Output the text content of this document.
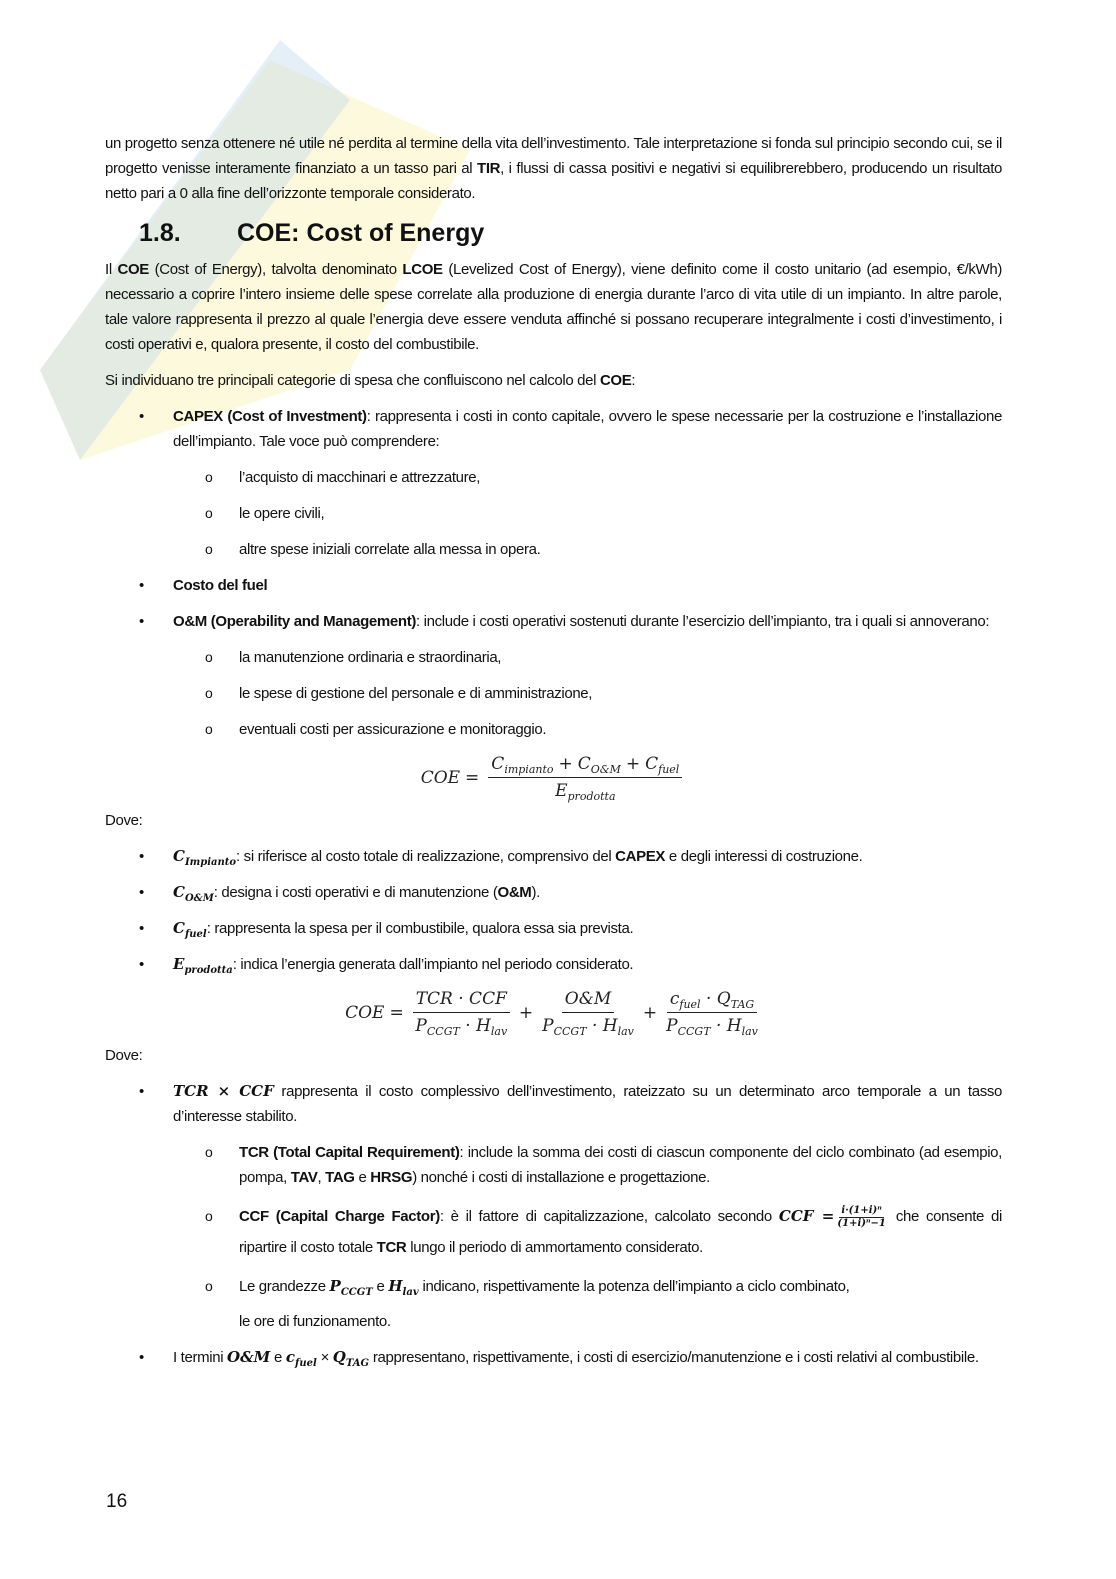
un progetto senza ottenere né utile né perdita al termine della vita dell’investimento. Tale interpretazione si fonda sul principio secondo cui, se il progetto venisse interamente finanziato a un tasso pari al TIR, i flussi di cassa positivi e negativi si equilibrerebbero, producendo un risultato netto pari a 0 alla fine dell’orizzonte temporale considerato.
1.8. COE: Cost of Energy
Il COE (Cost of Energy), talvolta denominato LCOE (Levelized Cost of Energy), viene definito come il costo unitario (ad esempio, €/kWh) necessario a coprire l’intero insieme delle spese correlate alla produzione di energia durante l’arco di vita utile di un impianto. In altre parole, tale valore rappresenta il prezzo al quale l’energia deve essere venduta affinché si possano recuperare integralmente i costi d’investimento, i costi operativi e, qualora presente, il costo del combustibile.
Si individuano tre principali categorie di spesa che confluiscono nel calcolo del COE:
•	CAPEX (Cost of Investment): rappresenta i costi in conto capitale, ovvero le spese necessarie per la costruzione e l’installazione dell’impianto. Tale voce può comprendere:
o	l’acquisto di macchinari e attrezzature,
o	le opere civili,
o	altre spese iniziali correlate alla messa in opera.
•	Costo del fuel
•	O&M (Operability and Management): include i costi operativi sostenuti durante l’esercizio dell’impianto, tra i quali si annoverano:
o	la manutenzione ordinaria e straordinaria,
o	le spese di gestione del personale e di amministrazione,
o	eventuali costi per assicurazione e monitoraggio.
COE = $\frac{C_{impianto} + C_{O\&M} + C_{fuel}}{E_{prodotta}}$
Dove:
•	$C_{Impianto}$: si riferisce al costo totale di realizzazione, comprensivo del CAPEX e degli interessi di costruzione.
•	$C_{O\&M}$: designa i costi operativi e di manutenzione (O&M).
•	$C_{fuel}$: rappresenta la spesa per il combustibile, qualora essa sia prevista.
•	$E_{prodotta}$: indica l’energia generata dall’impianto nel periodo considerato.
COE = $\frac{\text{TCR · CCF}}{P_{CCGT} \cdot H_{lav}} + \frac{O\&M}{P_{CCGT} \cdot H_{lav}} + \frac{c_{fuel} \cdot Q_{TAG}}{P_{CCGT} \cdot H_{lav}}$
Dove:
•	TCR × CCF rappresenta il costo complessivo dell’investimento, rateizzato su un determinato arco temporale a un tasso d’interesse stabilito.
o	TCR (Total Capital Requirement): include la somma dei costi di ciascun componente del ciclo combinato (ad esempio, pompa, TAV, TAG e HRSG) nonché i costi di installazione e progettazione.
o	CCF (Capital Charge Factor): è il fattore di capitalizzazione, calcolato secondo CCF = $\frac{\text{i·(1+i)ⁿ}}{\text{(1+i)ⁿ−1}}$ che consente di ripartire il costo totale TCR lungo il periodo di ammortamento considerato.
o	Le grandezze $P_{CCGT}$ e $H_{lav}$ indicano, rispettivamente la potenza dell’impianto a ciclo combinato,
le ore di funzionamento.
•	I termini O&M e $c_{fuel} \times Q_{TAG}$ rappresentano, rispettivamente, i costi di esercizio/manutenzione e i costi relativi al combustibile.
16
